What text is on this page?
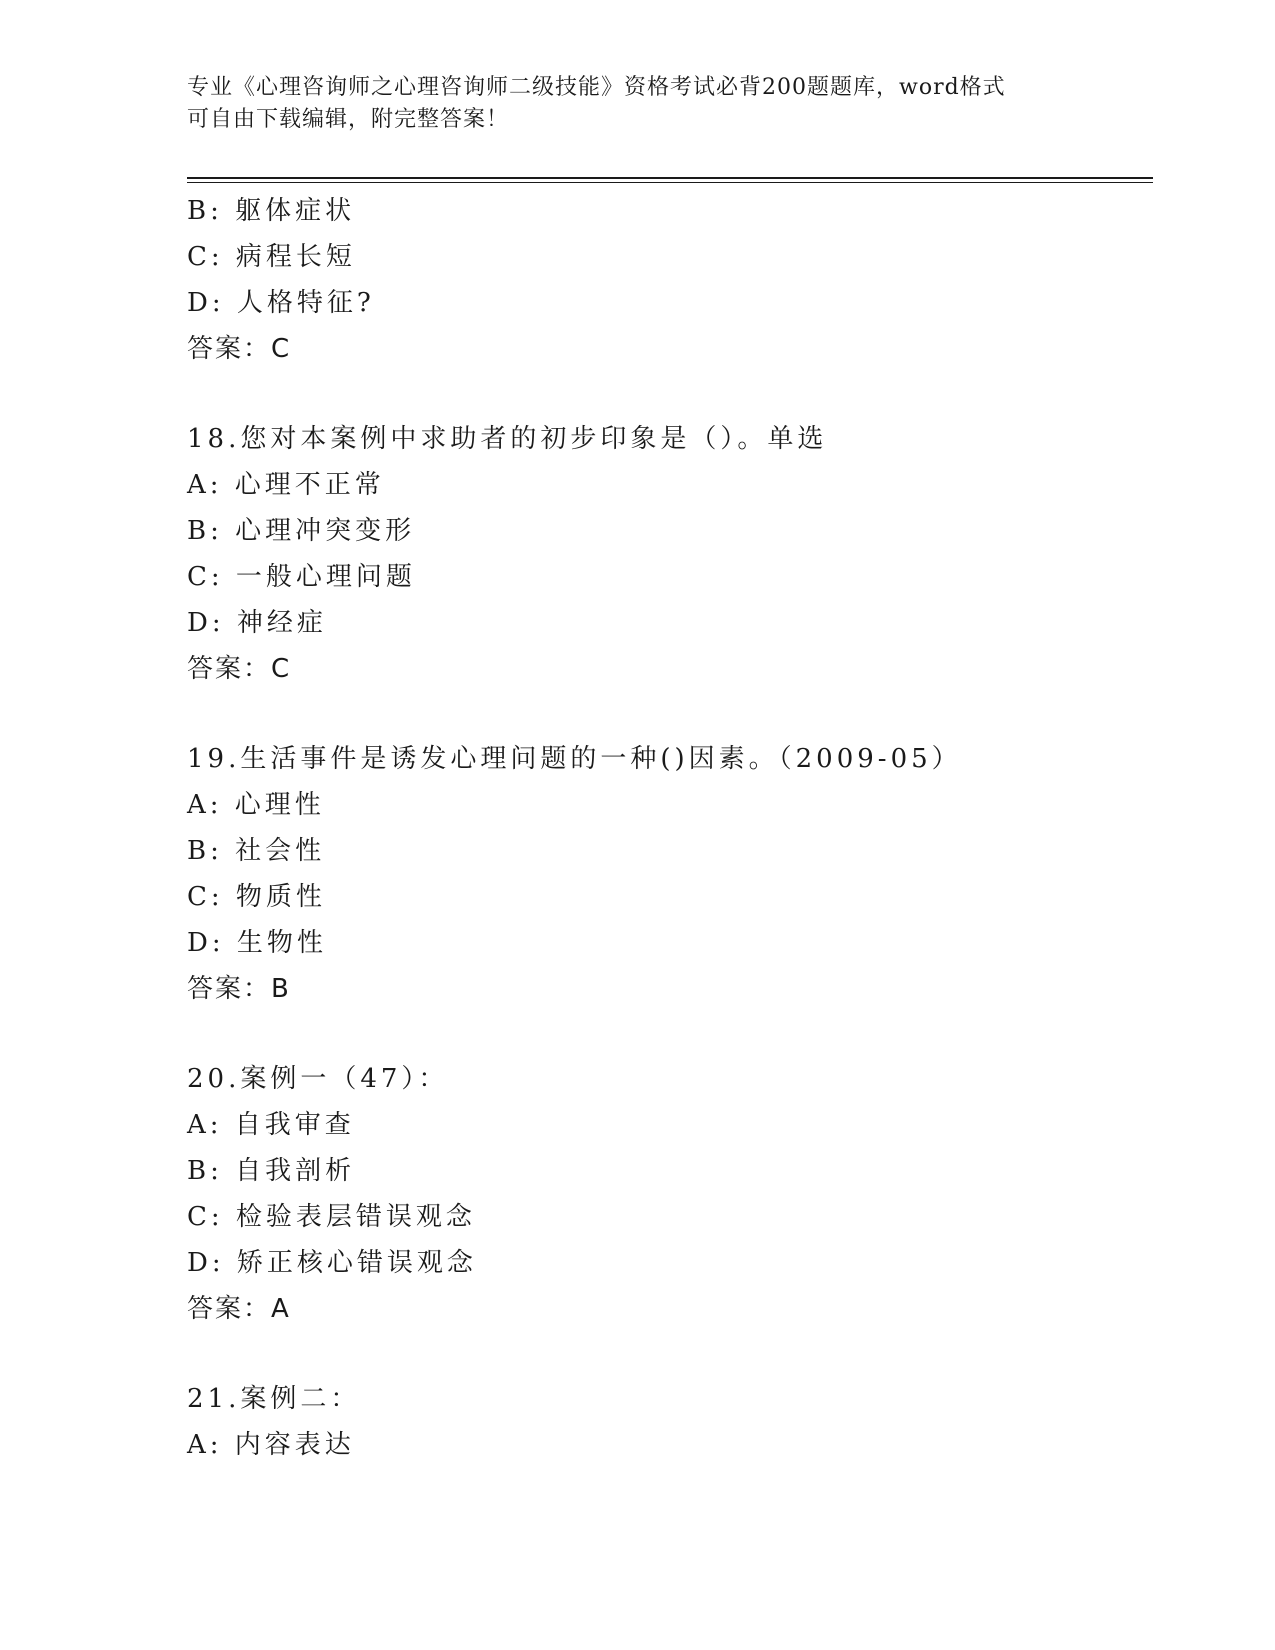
专业《心理咨询师之心理咨询师二级技能》资格考试必背200题题库，word格式
可自由下载编辑，附完整答案！
B: 躯体症状
C: 病程长短
D: 人格特征?
答案：C
18.您对本案例中求助者的初步印象是（）。单选
A: 心理不正常
B: 心理冲突变形
C: 一般心理问题
D: 神经症
答案：C
19.生活事件是诱发心理问题的一种()因素。（2009-05）
A: 心理性
B: 社会性
C: 物质性
D: 生物性
答案：B
20.案例一（47）：
A: 自我审查
B: 自我剖析
C: 检验表层错误观念
D: 矫正核心错误观念
答案：A
21.案例二：
A: 内容表达
